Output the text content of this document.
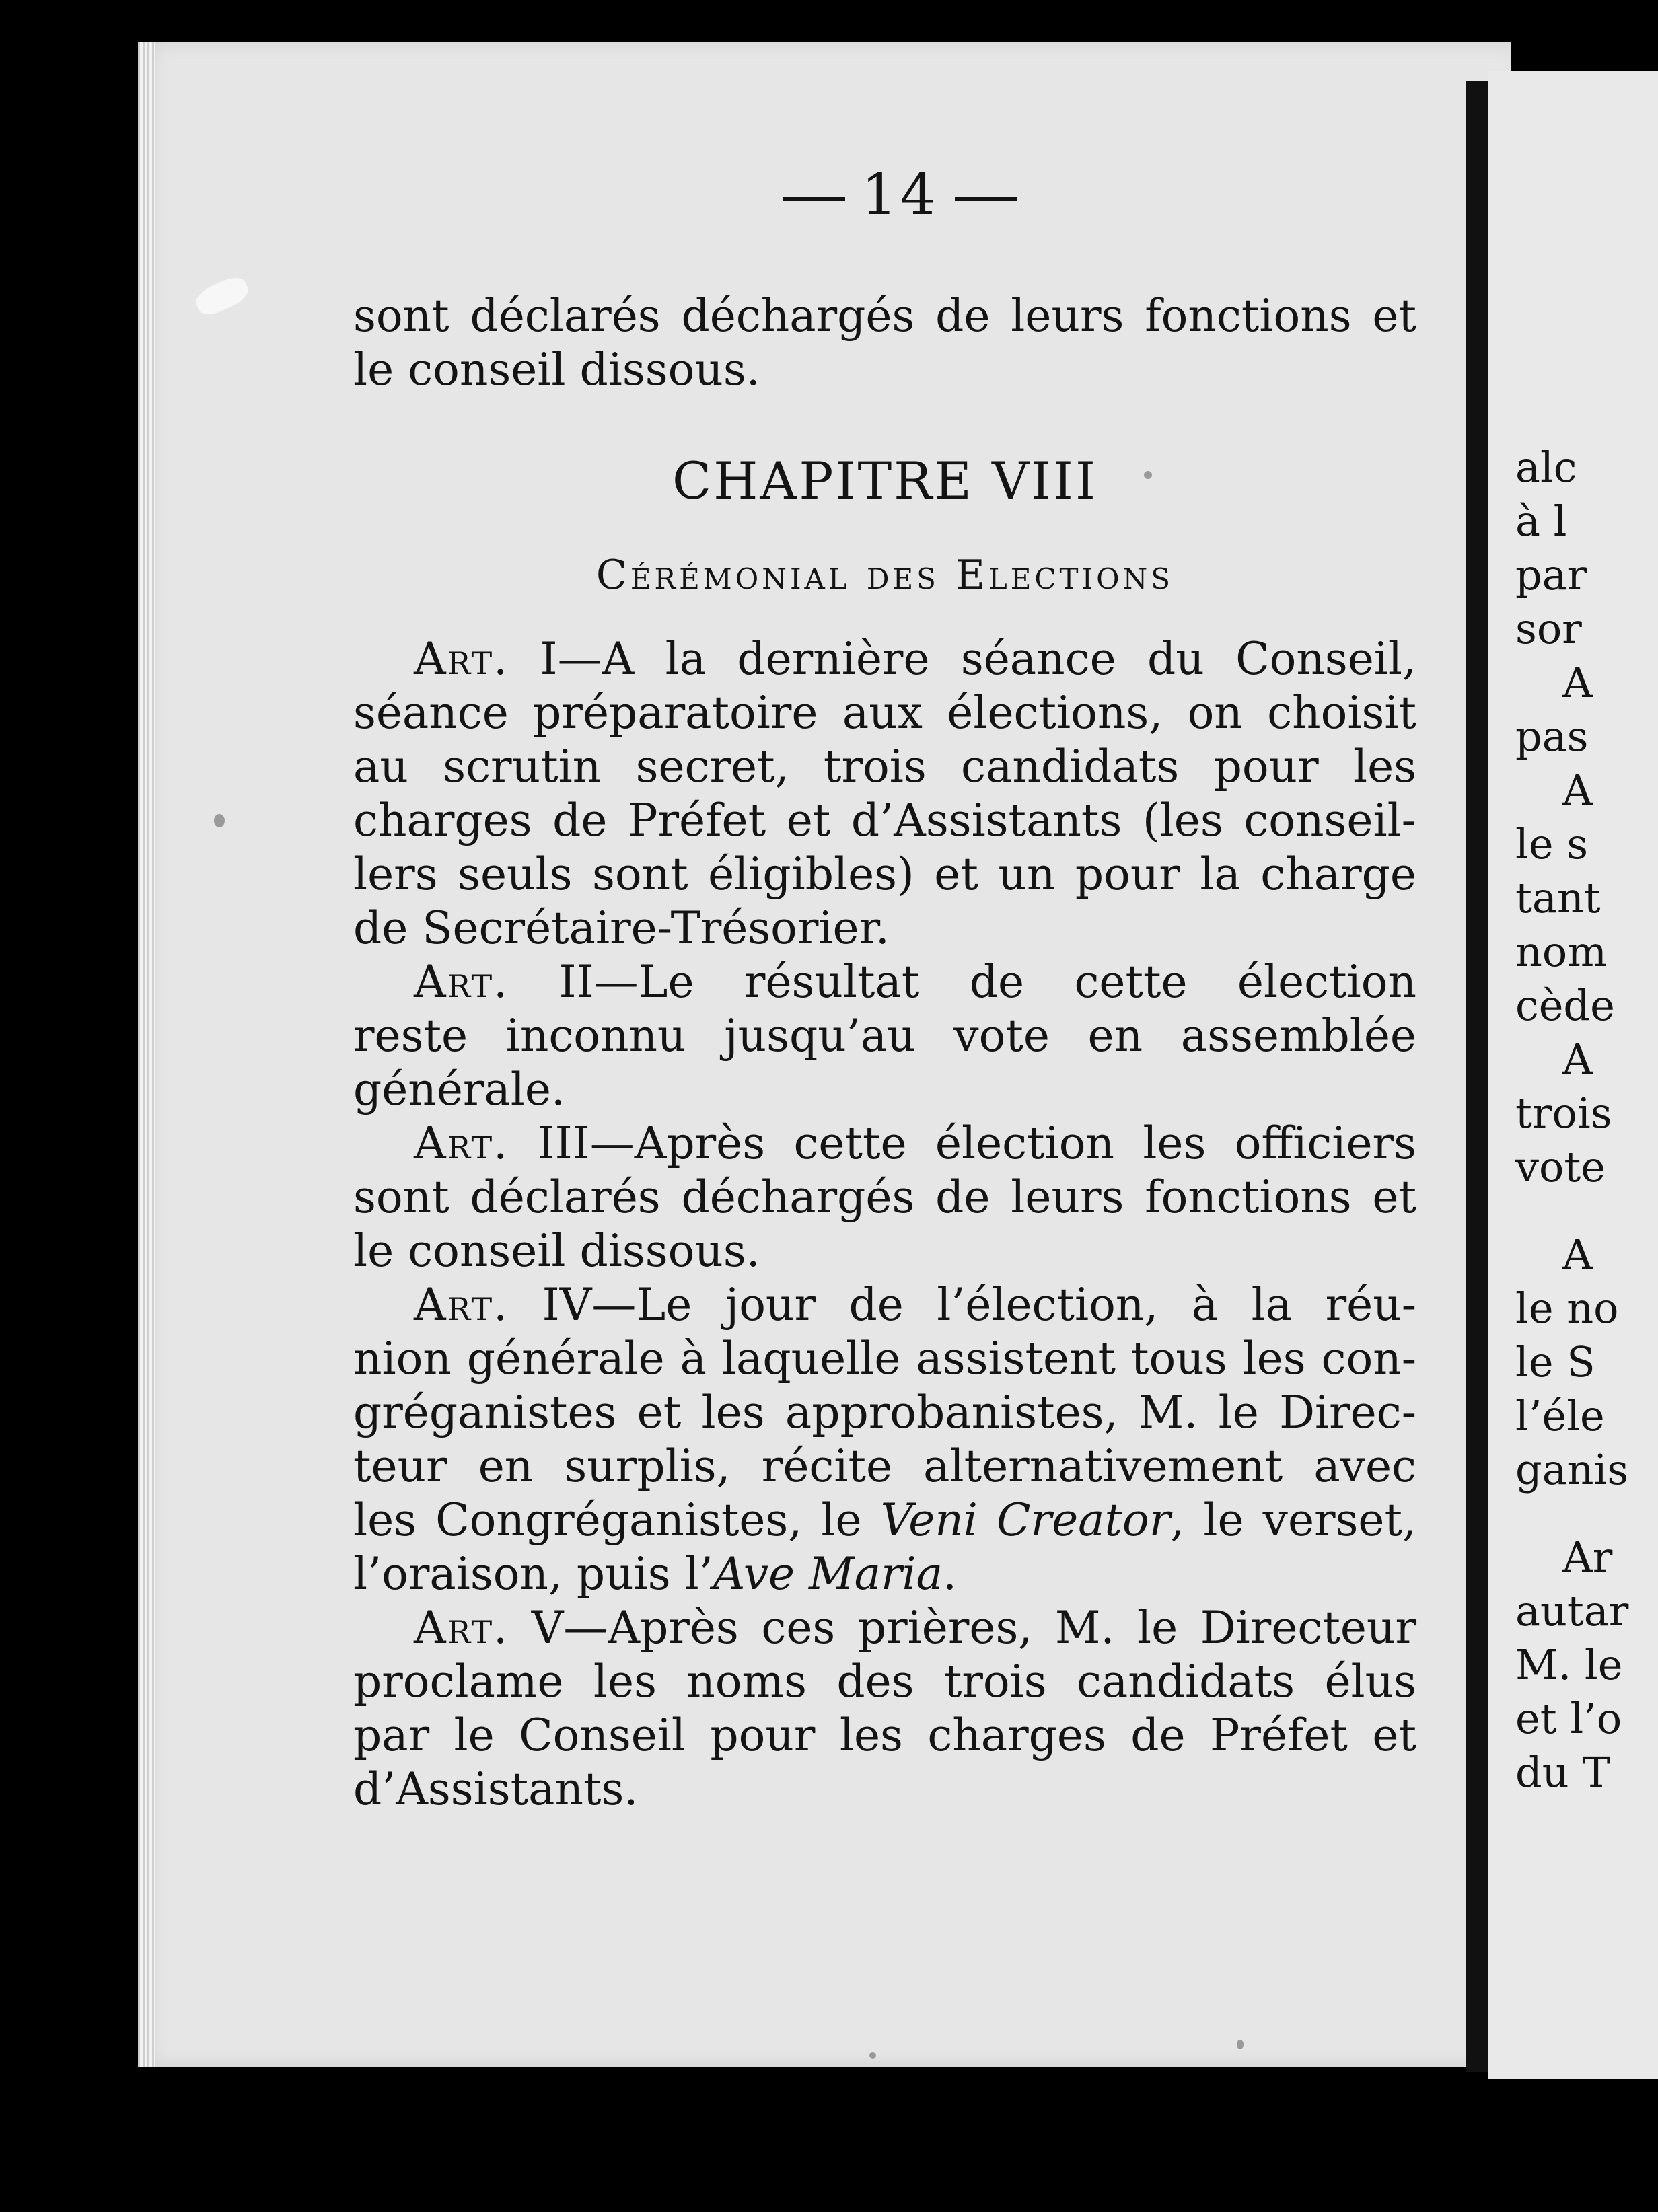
14
sont déclarés déchargés de leurs fonctions et
le conseil dissous.
CHAPITRE VIII
Cérémonial des Elections
Art. I—A la dernière séance du Conseil,
séance préparatoire aux élections, on choisit
au scrutin secret, trois candidats pour les
charges de Préfet et d’Assistants (les conseil-
lers seuls sont éligibles) et un pour la charge
de Secrétaire-Trésorier.
Art. II—Le résultat de cette élection
reste inconnu jusqu’au vote en assemblée
générale.
Art. III—Après cette élection les officiers
sont déclarés déchargés de leurs fonctions et
le conseil dissous.
Art. IV—Le jour de l’élection, à la réu-
nion générale à laquelle assistent tous les con-
gréganistes et les approbanistes, M. le Direc-
teur en surplis, récite alternativement avec
les Congréganistes, le Veni Creator, le verset,
l’oraison, puis l’Ave Maria.
Art. V—Après ces prières, M. le Directeur
proclame les noms des trois candidats élus
par le Conseil pour les charges de Préfet et
d’Assistants.
alc
à l
par
sor
A
pas
A
le s
tant
nom
cède
A
trois
vote
A
le no
le S
l’éle
ganis
Ar
autar
M. le
et l’o
du T
